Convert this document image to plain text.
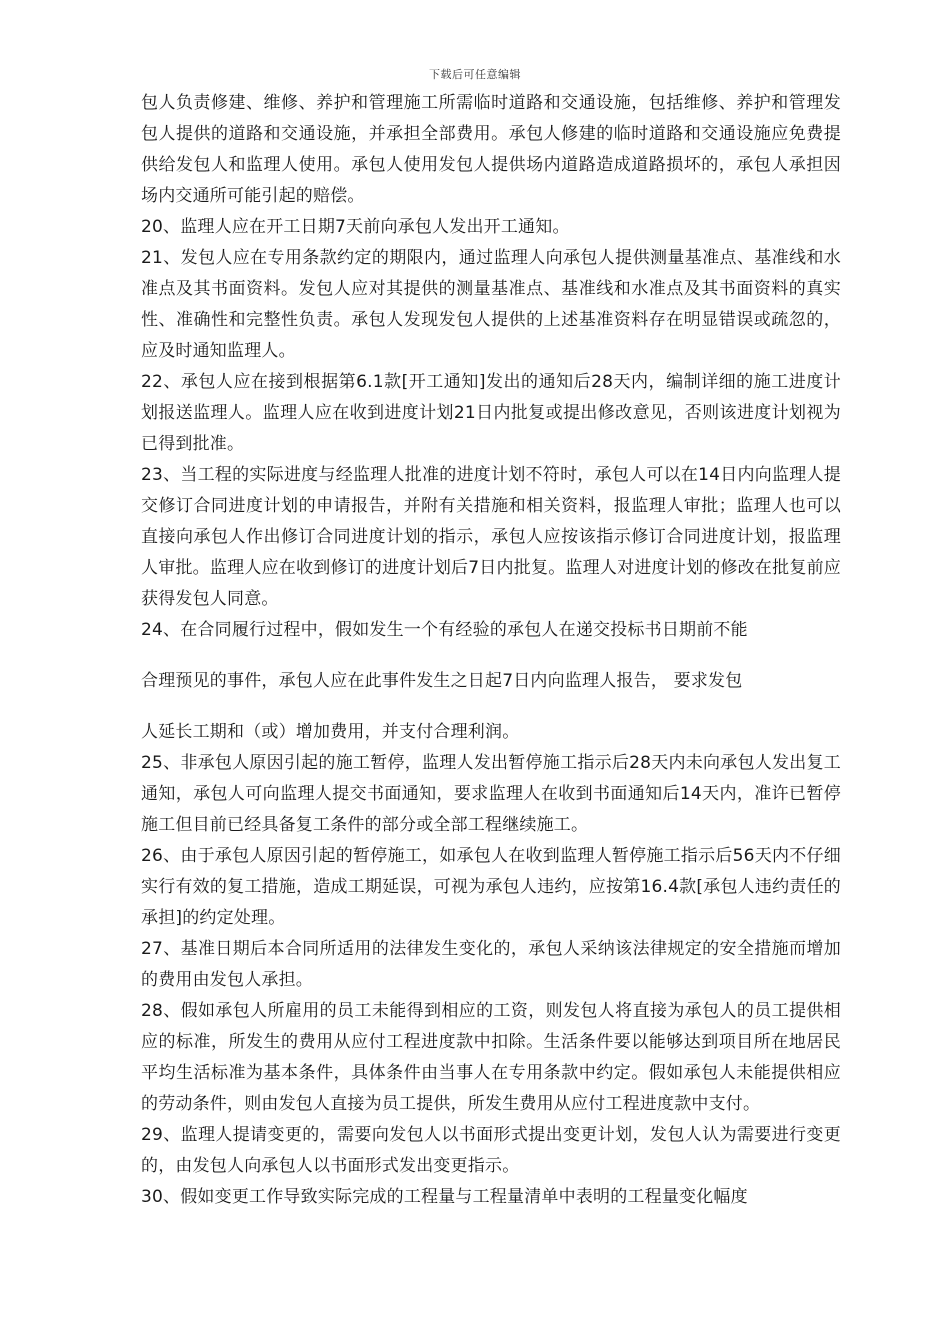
下载后可任意编辑

包人负责修建、维修、养护和管理施工所需临时道路和交通设施，包括维修、养护和管理发包人提供的道路和交通设施，并承担全部费用。承包人修建的临时道路和交通设施应免费提供给发包人和监理人使用。承包人使用发包人提供场内道路造成道路损坏的，承包人承担因场内交通所可能引起的赔偿。

20、监理人应在开工日期7天前向承包人发出开工通知。

21、发包人应在专用条款约定的期限内，通过监理人向承包人提供测量基准点、基准线和水准点及其书面资料。发包人应对其提供的测量基准点、基准线和水准点及其书面资料的真实性、准确性和完整性负责。承包人发现发包人提供的上述基准资料存在明显错误或疏忽的，应及时通知监理人。

22、承包人应在接到根据第6.1款[开工通知]发出的通知后28天内，编制详细的施工进度计划报送监理人。监理人应在收到进度计划21日内批复或提出修改意见，否则该进度计划视为已得到批准。

23、当工程的实际进度与经监理人批准的进度计划不符时，承包人可以在14日内向监理人提交修订合同进度计划的申请报告，并附有关措施和相关资料，报监理人审批；监理人也可以直接向承包人作出修订合同进度计划的指示，承包人应按该指示修订合同进度计划，报监理人审批。监理人应在收到修订的进度计划后7日内批复。监理人对进度计划的修改在批复前应获得发包人同意。

24、在合同履行过程中，假如发生一个有经验的承包人在递交投标书日期前不能

合理预见的事件，承包人应在此事件发生之日起7日内向监理人报告， 要求发包

人延长工期和（或）增加费用，并支付合理利润。

25、非承包人原因引起的施工暂停，监理人发出暂停施工指示后28天内未向承包人发出复工通知，承包人可向监理人提交书面通知，要求监理人在收到书面通知后14天内，准许已暂停施工但目前已经具备复工条件的部分或全部工程继续施工。

26、由于承包人原因引起的暂停施工，如承包人在收到监理人暂停施工指示后56天内不仔细实行有效的复工措施，造成工期延误，可视为承包人违约，应按第16.4款[承包人违约责任的承担]的约定处理。

27、基准日期后本合同所适用的法律发生变化的，承包人采纳该法律规定的安全措施而增加的费用由发包人承担。

28、假如承包人所雇用的员工未能得到相应的工资，则发包人将直接为承包人的员工提供相应的标准，所发生的费用从应付工程进度款中扣除。生活条件要以能够达到项目所在地居民平均生活标准为基本条件，具体条件由当事人在专用条款中约定。假如承包人未能提供相应的劳动条件，则由发包人直接为员工提供，所发生费用从应付工程进度款中支付。

29、监理人提请变更的，需要向发包人以书面形式提出变更计划，发包人认为需要进行变更的，由发包人向承包人以书面形式发出变更指示。

30、假如变更工作导致实际完成的工程量与工程量清单中表明的工程量变化幅度
